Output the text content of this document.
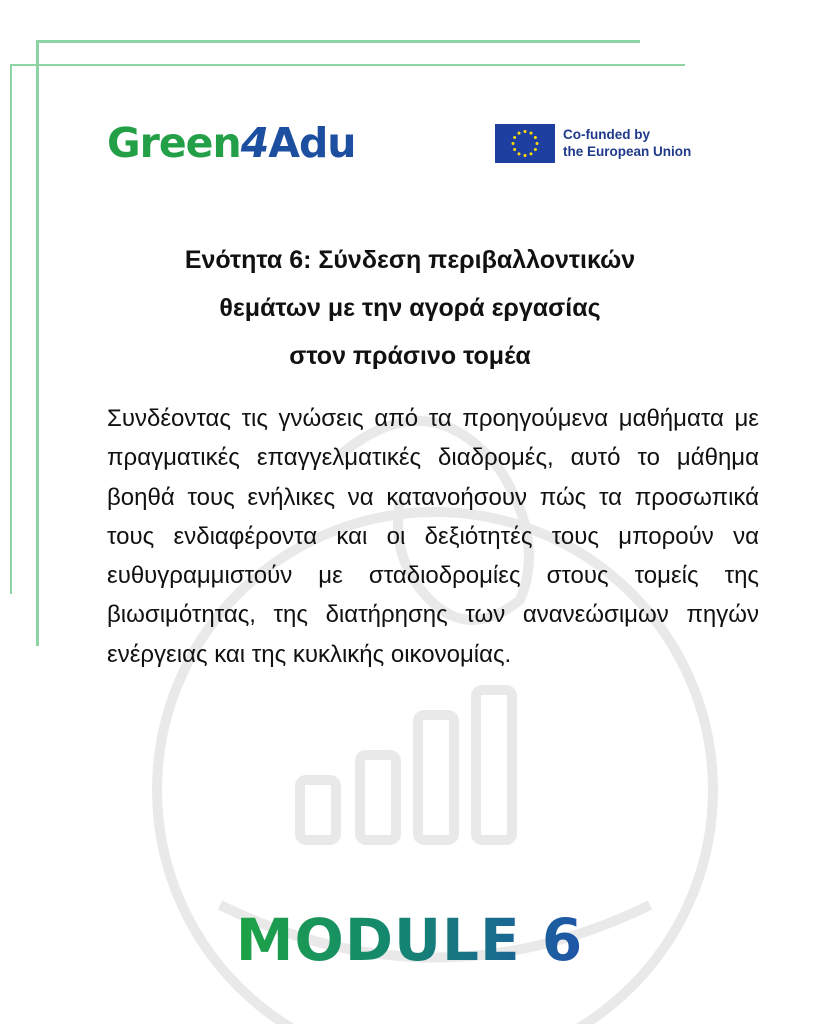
Green4Adu	Co-funded by
the European Union
Ενότητα 6: Σύνδεση περιβαλλοντικών
θεμάτων με την αγορά εργασίας
στον πράσινο τομέα

Συνδέοντας τις γνώσεις από τα προηγούμενα μαθήματα με πραγματικές επαγγελματικές διαδρομές, αυτό το μάθημα βοηθά τους ενήλικες να κατανοήσουν πώς τα προσωπικά τους ενδιαφέροντα και οι δεξιότητές τους μπορούν να ευθυγραμμιστούν με σταδιοδρομίες στους τομείς της βιωσιμότητας, της διατήρησης των ανανεώσιμων πηγών ενέργειας και της κυκλικής οικονομίας.

MODULE 6
